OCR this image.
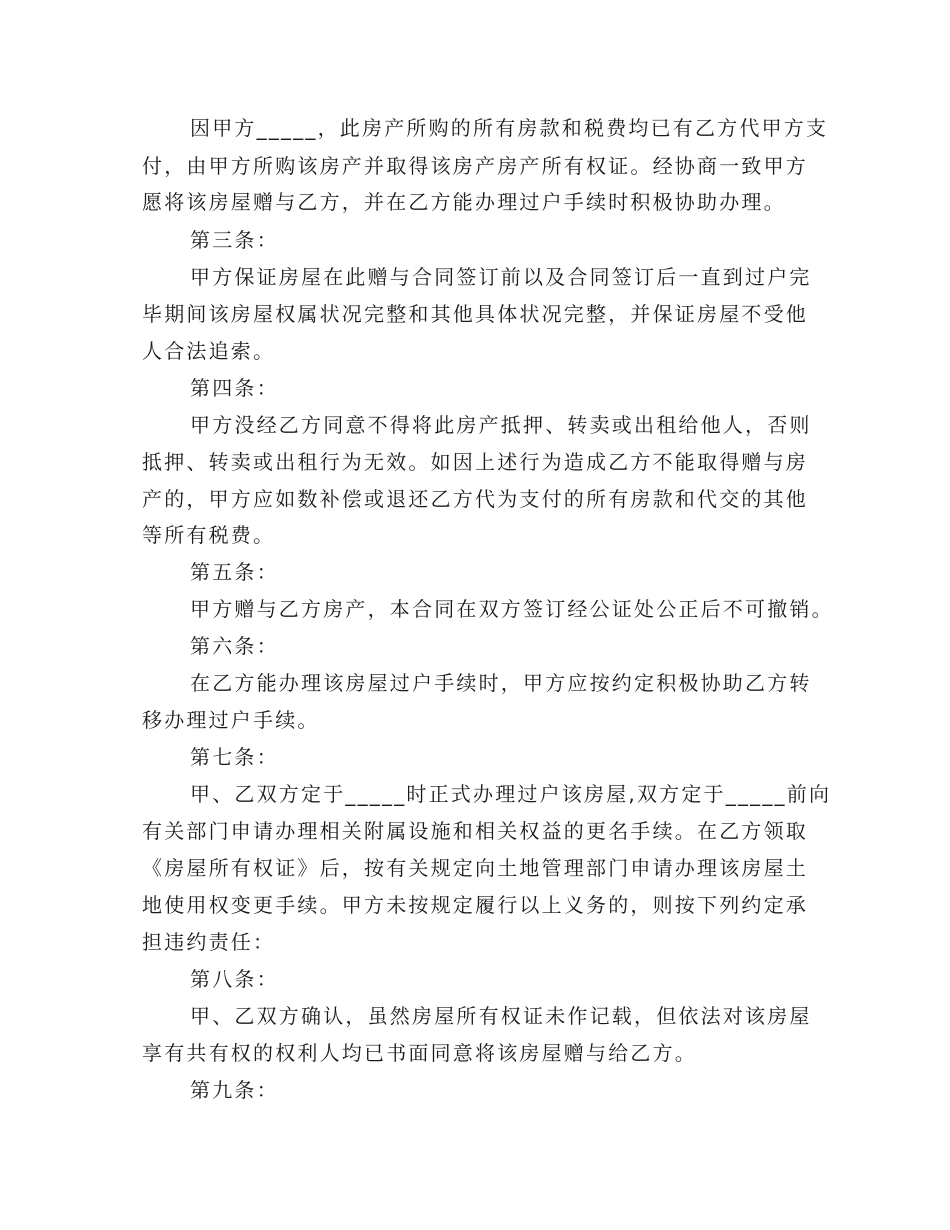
因甲方_____，此房产所购的所有房款和税费均已有乙方代甲方支

付，由甲方所购该房产并取得该房产房产所有权证。经协商一致甲方

愿将该房屋赠与乙方，并在乙方能办理过户手续时积极协助办理。

第三条：

甲方保证房屋在此赠与合同签订前以及合同签订后一直到过户完

毕期间该房屋权属状况完整和其他具体状况完整，并保证房屋不受他

人合法追索。

第四条：

甲方没经乙方同意不得将此房产抵押、转卖或出租给他人，否则

抵押、转卖或出租行为无效。如因上述行为造成乙方不能取得赠与房

产的，甲方应如数补偿或退还乙方代为支付的所有房款和代交的其他

等所有税费。

第五条：

甲方赠与乙方房产，本合同在双方签订经公证处公正后不可撤销。

第六条：

在乙方能办理该房屋过户手续时，甲方应按约定积极协助乙方转

移办理过户手续。

第七条：

甲、乙双方定于_____时正式办理过户该房屋,双方定于_____前向

有关部门申请办理相关附属设施和相关权益的更名手续。在乙方领取

《房屋所有权证》后，按有关规定向土地管理部门申请办理该房屋土

地使用权变更手续。甲方未按规定履行以上义务的，则按下列约定承

担违约责任：

第八条：

甲、乙双方确认，虽然房屋所有权证未作记载，但依法对该房屋

享有共有权的权利人均已书面同意将该房屋赠与给乙方。

第九条：
